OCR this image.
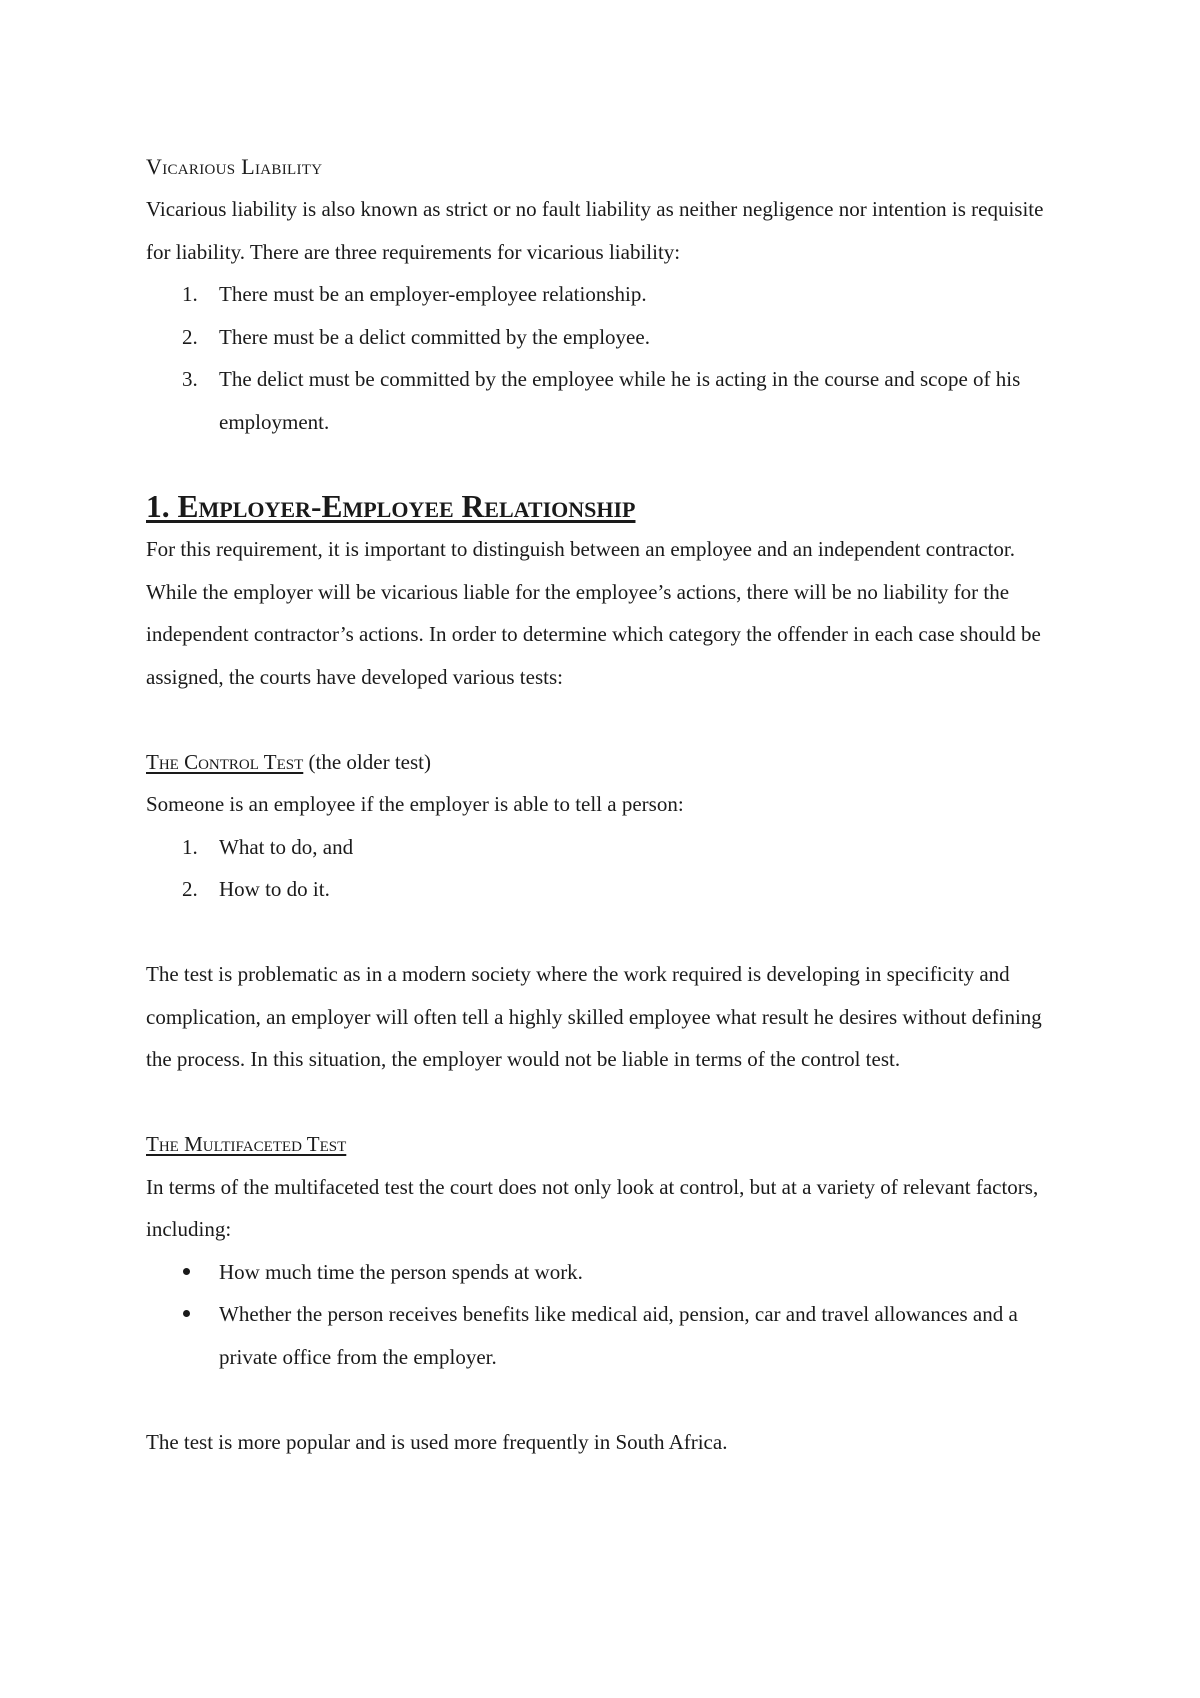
Vicarious Liability

Vicarious liability is also known as strict or no fault liability as neither negligence nor intention is requisite for liability. There are three requirements for vicarious liability:

1.	There must be an employer-employee relationship.
2.	There must be a delict committed by the employee.
3.	The delict must be committed by the employee while he is acting in the course and scope of his employment.
1. Employer-Employee Relationship

For this requirement, it is important to distinguish between an employee and an independent contractor. While the employer will be vicarious liable for the employee’s actions, there will be no liability for the independent contractor’s actions. In order to determine which category the offender in each case should be assigned, the courts have developed various tests:

The Control Test (the older test)

Someone is an employee if the employer is able to tell a person:

1.	What to do, and
2.	How to do it.

The test is problematic as in a modern society where the work required is developing in specificity and complication, an employer will often tell a highly skilled employee what result he desires without defining the process. In this situation, the employer would not be liable in terms of the control test.

The Multifaceted Test

In terms of the multifaceted test the court does not only look at control, but at a variety of relevant factors, including:

How much time the person spends at work.
Whether the person receives benefits like medical aid, pension, car and travel allowances and a private office from the employer.

The test is more popular and is used more frequently in South Africa.
